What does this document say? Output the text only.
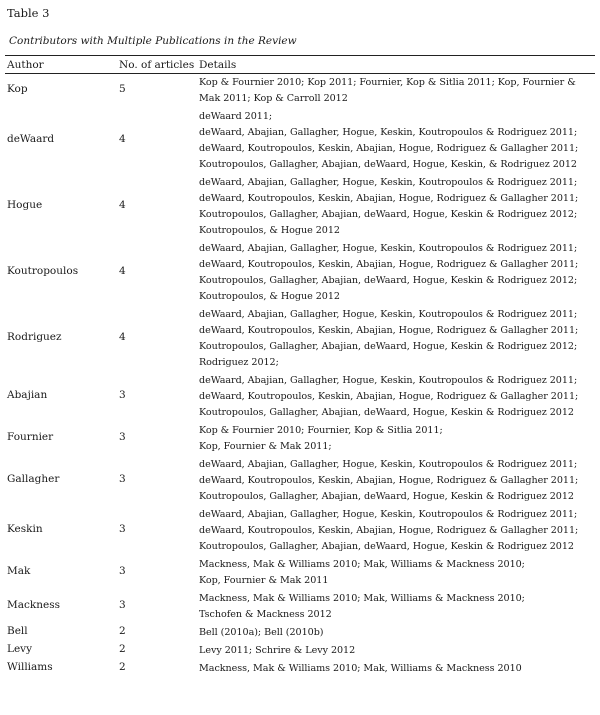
Table 3
Contributors with Multiple Publications in the Review
Author	No. of articles Details
Kop	5
Kop & Fournier 2010; Kop 2011; Fournier, Kop & Sitlia 2011; Kop, Fournier &
Mak 2011; Kop & Carroll 2012
deWaard	4
deWaard 2011;
deWaard, Abajian, Gallagher, Hogue, Keskin, Koutropoulos & Rodriguez 2011;
deWaard, Koutropoulos, Keskin, Abajian, Hogue, Rodriguez & Gallagher 2011;
Koutropoulos, Gallagher, Abajian, deWaard, Hogue, Keskin, & Rodriguez 2012
Hogue	4
deWaard, Abajian, Gallagher, Hogue, Keskin, Koutropoulos & Rodriguez 2011;
deWaard, Koutropoulos, Keskin, Abajian, Hogue, Rodriguez & Gallagher 2011;
Koutropoulos, Gallagher, Abajian, deWaard, Hogue, Keskin & Rodriguez 2012;
Koutropoulos, & Hogue 2012
Koutropoulos	4
deWaard, Abajian, Gallagher, Hogue, Keskin, Koutropoulos & Rodriguez 2011;
deWaard, Koutropoulos, Keskin, Abajian, Hogue, Rodriguez & Gallagher 2011;
Koutropoulos, Gallagher, Abajian, deWaard, Hogue, Keskin & Rodriguez 2012;
Koutropoulos, & Hogue 2012
Rodriguez	4
deWaard, Abajian, Gallagher, Hogue, Keskin, Koutropoulos & Rodriguez 2011;
deWaard, Koutropoulos, Keskin, Abajian, Hogue, Rodriguez & Gallagher 2011;
Koutropoulos, Gallagher, Abajian, deWaard, Hogue, Keskin & Rodriguez 2012;
Rodriguez 2012;
Abajian	3
deWaard, Abajian, Gallagher, Hogue, Keskin, Koutropoulos & Rodriguez 2011;
deWaard, Koutropoulos, Keskin, Abajian, Hogue, Rodriguez & Gallagher 2011;
Koutropoulos, Gallagher, Abajian, deWaard, Hogue, Keskin & Rodriguez 2012
Fournier	3
Kop & Fournier 2010; Fournier, Kop & Sitlia 2011;
Kop, Fournier & Mak 2011;
Gallagher	3
deWaard, Abajian, Gallagher, Hogue, Keskin, Koutropoulos & Rodriguez 2011;
deWaard, Koutropoulos, Keskin, Abajian, Hogue, Rodriguez & Gallagher 2011;
Koutropoulos, Gallagher, Abajian, deWaard, Hogue, Keskin & Rodriguez 2012
Keskin	3
deWaard, Abajian, Gallagher, Hogue, Keskin, Koutropoulos & Rodriguez 2011;
deWaard, Koutropoulos, Keskin, Abajian, Hogue, Rodriguez & Gallagher 2011;
Koutropoulos, Gallagher, Abajian, deWaard, Hogue, Keskin & Rodriguez 2012
Mak	3
Mackness, Mak & Williams 2010; Mak, Williams & Mackness 2010;
Kop, Fournier & Mak 2011
Mackness	3
Mackness, Mak & Williams 2010; Mak, Williams & Mackness 2010;
Tschofen & Mackness 2012
Bell	2	Bell (2010a); Bell (2010b)
Levy	2	Levy 2011; Schrire & Levy 2012
Williams	2	Mackness, Mak & Williams 2010; Mak, Williams & Mackness 2010
